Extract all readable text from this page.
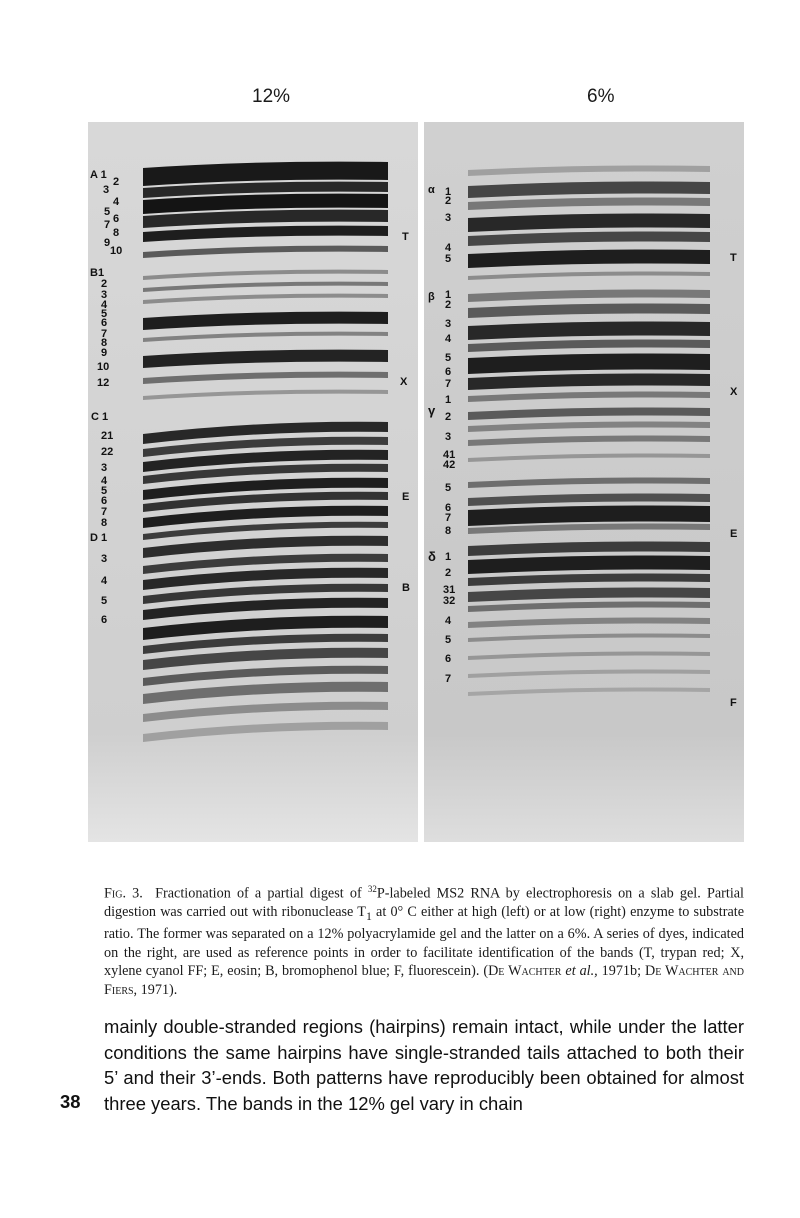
12%	6%
A 1
2
3
4
5
6
7
8
9
10
B1
2
3
4
5
6
7
8
9
10
12
C 1
21
22
3
4
5
6
7
8
D 1
3
4
5
6
T
X
E
B
α 1
2
3
4
5
β 1
2
3
4
5
6
7
γ
1
2
3
41
42
5
6
7
8
δ 1
2
31
32
4
5
6
7
T
X
E
F
Fig. 3. Fractionation of a partial digest of $^{32}$P-labeled MS2 RNA by electrophoresis on a slab gel. Partial digestion was carried out with ribonuclease $T_1$ at 0° C either at high (left) or at low (right) enzyme to substrate ratio. The former was separated on a 12% polyacrylamide gel and the latter on a 6%. A series of dyes, indicated on the right, are used as reference points in order to facilitate identification of the bands (T, trypan red; X, xylene cyanol FF; E, eosin; B, bromophenol blue; F, fluorescein). (De Wachter et al., 1971b; De Wachter and Fiers, 1971).
mainly double-stranded regions (hairpins) remain intact, while under the latter conditions the same hairpins have single-stranded tails attached to both their 5’ and their 3’-ends. Both patterns have reproducibly been obtained for almost three years. The bands in the 12% gel vary in chain
38
